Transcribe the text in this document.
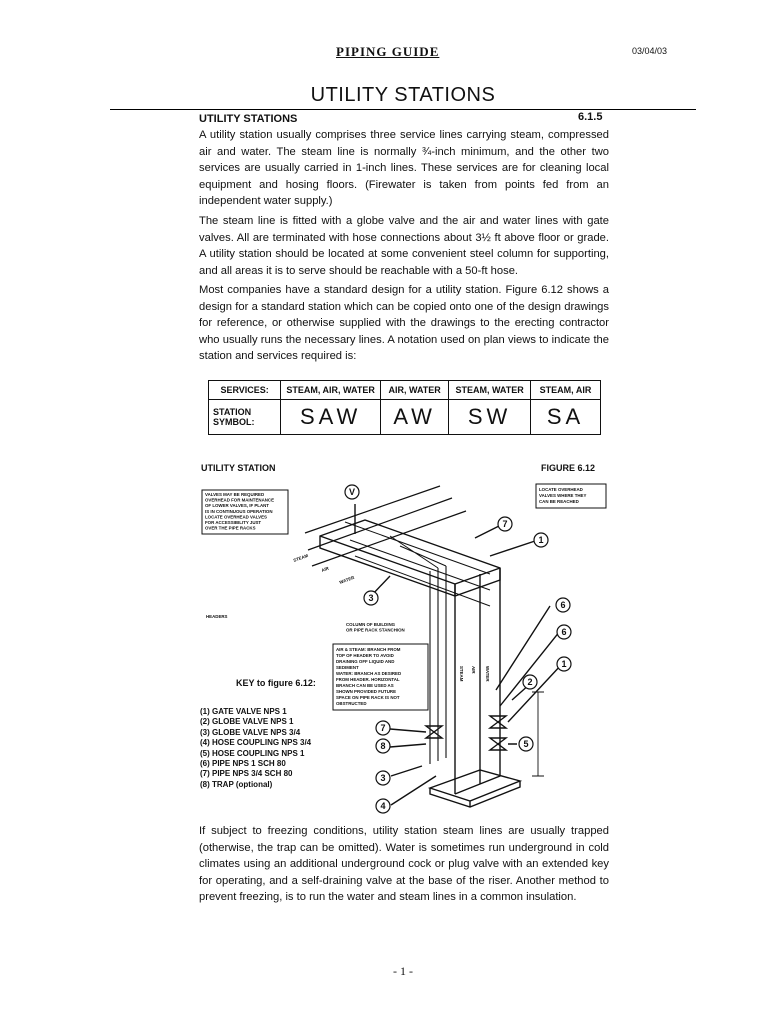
PIPING GUIDE	03/04/03
UTILITY STATIONS
UTILITY STATIONS	6.1.5

A utility station usually comprises three service lines carrying steam, compressed air and water. The steam line is normally ¾-inch minimum, and the other two services are usually carried in 1-inch lines. These services are for cleaning local equipment and hosing floors. (Firewater is taken from points fed from an independent water supply.)

The steam line is fitted with a globe valve and the air and water lines with gate valves. All are terminated with hose connections about 3½ ft above floor or grade. A utility station should be located at some convenient steel column for supporting, and all areas it is to serve should be reachable with a 50-ft hose.

Most companies have a standard design for a utility station. Figure 6.12 shows a design for a standard station which can be copied onto one of the design drawings for reference, or otherwise supplied with the drawings to the erecting contractor who usually runs the necessary lines. A notation used on plan views to indicate the station and services required is:

SERVICES:	STEAM, AIR, WATER	AIR, WATER	STEAM, WATER	STEAM, AIR
STATION
SYMBOL:	SAW	AW	SW	SA
UTILITY STATION	FIGURE 6.12
V
7
1
3
6
6
1
2
7
8	5
3
4
VALVES MAY BE REQUIRED OVERHEAD FOR MAINTENANCE OF LOWER VALVES, IF PLANT IS IN CONTINUOUS OPERATION LOCATE OVERHEAD VALVES FOR ACCESSIBILITY JUST OVER THE PIPE RACKS
LOCATE OVERHEAD VALVES WHERE THEY CAN BE REACHED
COLUMN OF BUILDING OR PIPE RACK STANCHION
AIR & STEAM: BRANCH FROM TOP OF HEADER TO AVOID DRAINING OFF LIQUID AND SEDIMENT WATER: BRANCH AS DESIRED FROM HEADER. HORIZONTAL BRANCH CAN BE USED AS SHOWN PROVIDED FUTURE SPACE ON PIPE RACK IS NOT OBSTRUCTED
HEADERS
STEAM
AIR
WATER
STEAM AIR WATER
KEY to figure 6.12:
(1) GATE VALVE NPS 1
(2) GLOBE VALVE NPS 1
(3) GLOBE VALVE NPS 3/4
(4) HOSE COUPLING NPS 3/4
(5) HOSE COUPLING NPS 1
(6) PIPE NPS 1 SCH 80
(7) PIPE NPS 3/4 SCH 80
(8) TRAP (optional)

If subject to freezing conditions, utility station steam lines are usually trapped (otherwise, the trap can be omitted). Water is sometimes run underground in cold climates using an additional underground cock or plug valve with an extended key for operating, and a self-draining valve at the base of the riser. Another method to prevent freezing, is to run the water and steam lines in a common insulation.

- 1 -
